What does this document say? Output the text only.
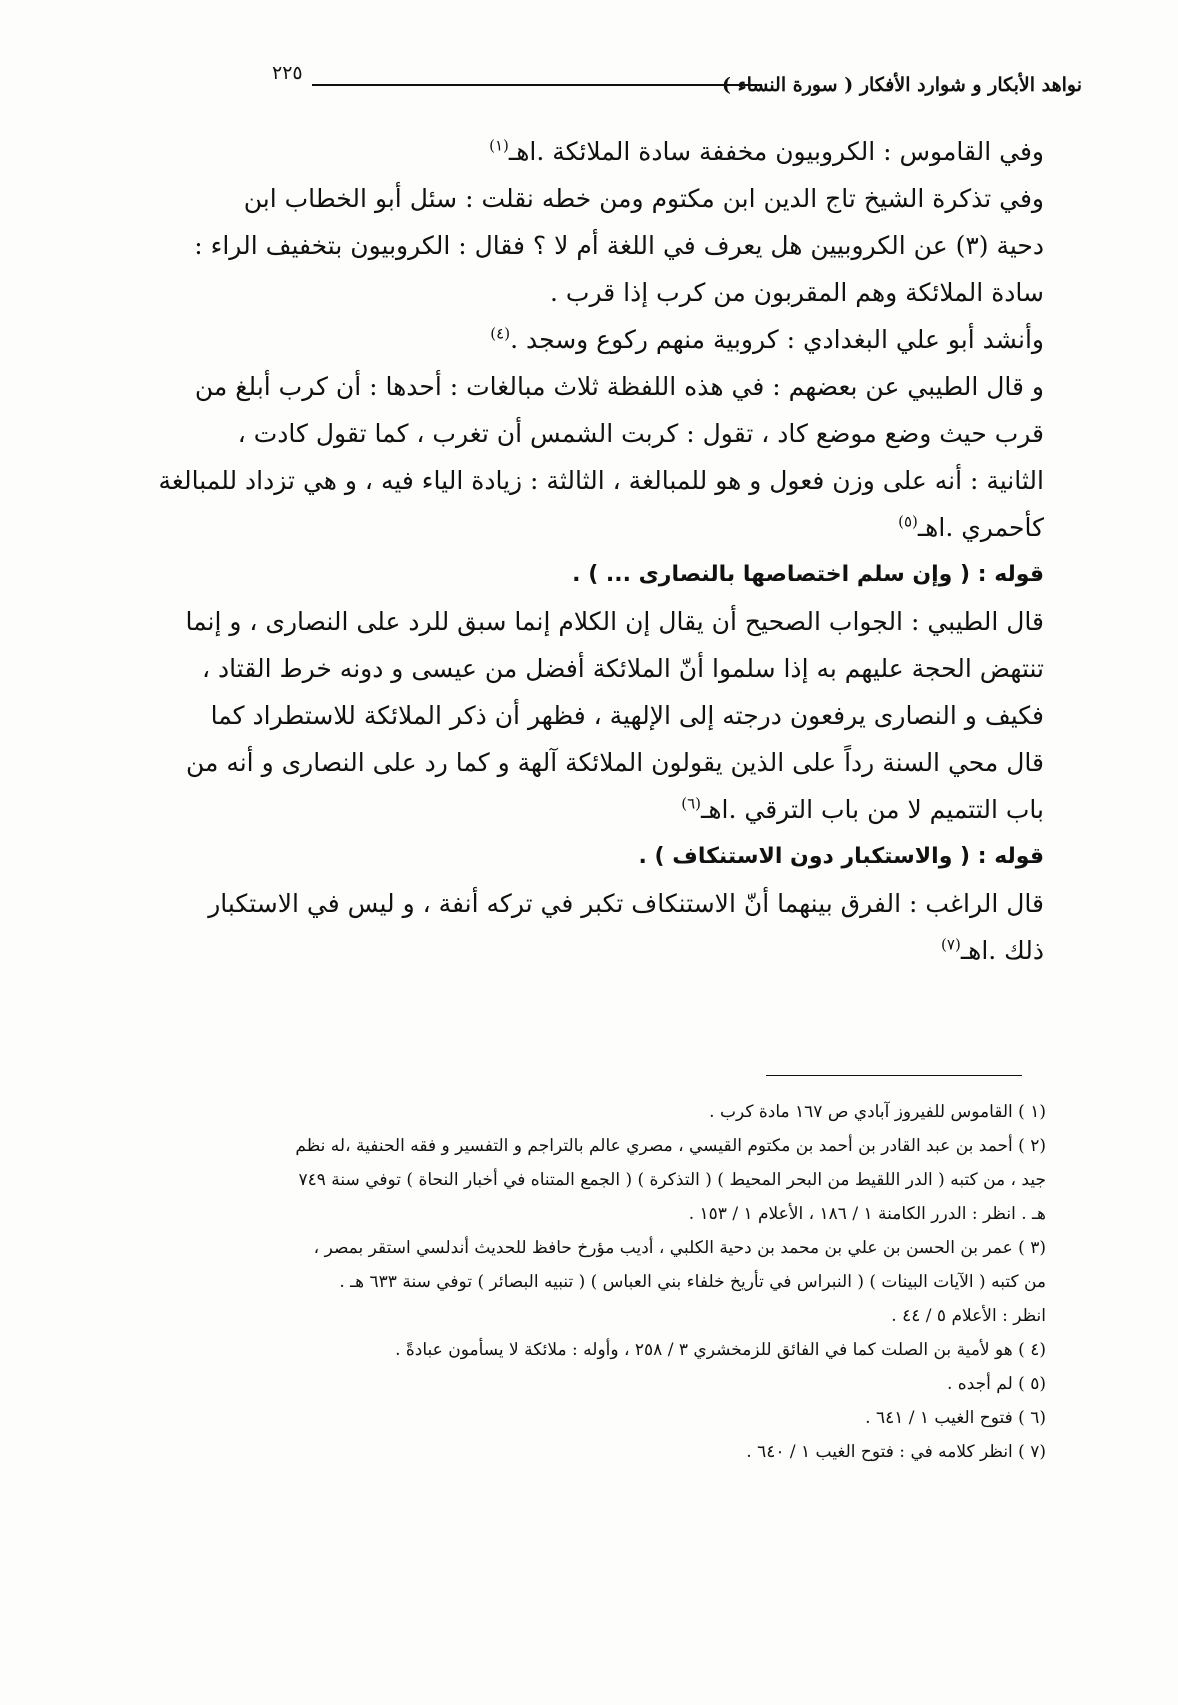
نواهد الأبكار و شوارد الأفكار ( سورة النساء )
٢٢٥
وفي القاموس : الكروبيون مخففة سادة الملائكة .اهـ$^{(١)}$
وفي تذكرة الشيخ تاج الدين ابن مكتوم ومن خطه نقلت : سئل أبو الخطاب ابن
دحية (٣) عن الكروبيين هل يعرف في اللغة أم لا ؟ فقال : الكروبيون بتخفيف الراء :
سادة الملائكة وهم المقربون من كرب إذا قرب .
وأنشد أبو علي البغدادي : كروبية منهم ركوع وسجد .$^{(٤)}$
و قال الطيبي عن بعضهم : في هذه اللفظة ثلاث مبالغات : أحدها : أن كرب أبلغ من
قرب حيث وضع موضع كاد ، تقول : كربت الشمس أن تغرب ، كما تقول كادت ،
الثانية : أنه على وزن فعول و هو للمبالغة ، الثالثة : زيادة الياء فيه ، و هي تزداد للمبالغة
كأحمري .اهـ$^{(٥)}$
قوله : ( وإن سلم اختصاصها بالنصارى ... ) .
قال الطيبي : الجواب الصحيح أن يقال إن الكلام إنما سبق للرد على النصارى ، و إنما
تنتهض الحجة عليهم به إذا سلموا أنّ الملائكة أفضل من عيسى و دونه خرط القتاد ،
فكيف و النصارى يرفعون درجته إلى الإلهية ، فظهر أن ذكر الملائكة للاستطراد كما
قال محي السنة رداً على الذين يقولون الملائكة آلهة و كما رد على النصارى و أنه من
باب التتميم لا من باب الترقي .اهـ$^{(٦)}$
قوله : ( والاستكبار دون الاستنكاف ) .
قال الراغب : الفرق بينهما أنّ الاستنكاف تكبر في تركه أنفة ، و ليس في الاستكبار
ذلك .اهـ$^{(٧)}$
(١ ) القاموس للفيروز آبادي ص ١٦٧ مادة كرب .
(٢ ) أحمد بن عبد القادر بن أحمد بن مكتوم القيسي ، مصري عالم بالتراجم و التفسير و فقه الحنفية ،له نظم
جيد ، من كتبه ( الدر اللقيط من البحر المحيط ) ( التذكرة ) ( الجمع المتناه في أخبار النحاة ) توفي سنة ٧٤٩
هـ . انظر : الدرر الكامنة ١ / ١٨٦ ، الأعلام ١ / ١٥٣ .
(٣ ) عمر بن الحسن بن علي بن محمد بن دحية الكلبي ، أديب مؤرخ حافظ للحديث أندلسي استقر بمصر ،
من كتبه ( الآيات البينات ) ( النبراس في تأريخ خلفاء بني العباس ) ( تنبيه البصائر ) توفي سنة ٦٣٣ هـ .
انظر : الأعلام ٥ / ٤٤ .
(٤ ) هو لأمية بن الصلت كما في الفائق للزمخشري ٣ / ٢٥٨ ، وأوله : ملائكة لا يسأمون عبادةً .
(٥ ) لم أجده .
(٦ ) فتوح الغيب ١ / ٦٤١ .
(٧ ) انظر كلامه في : فتوح الغيب ١ / ٦٤٠ .
